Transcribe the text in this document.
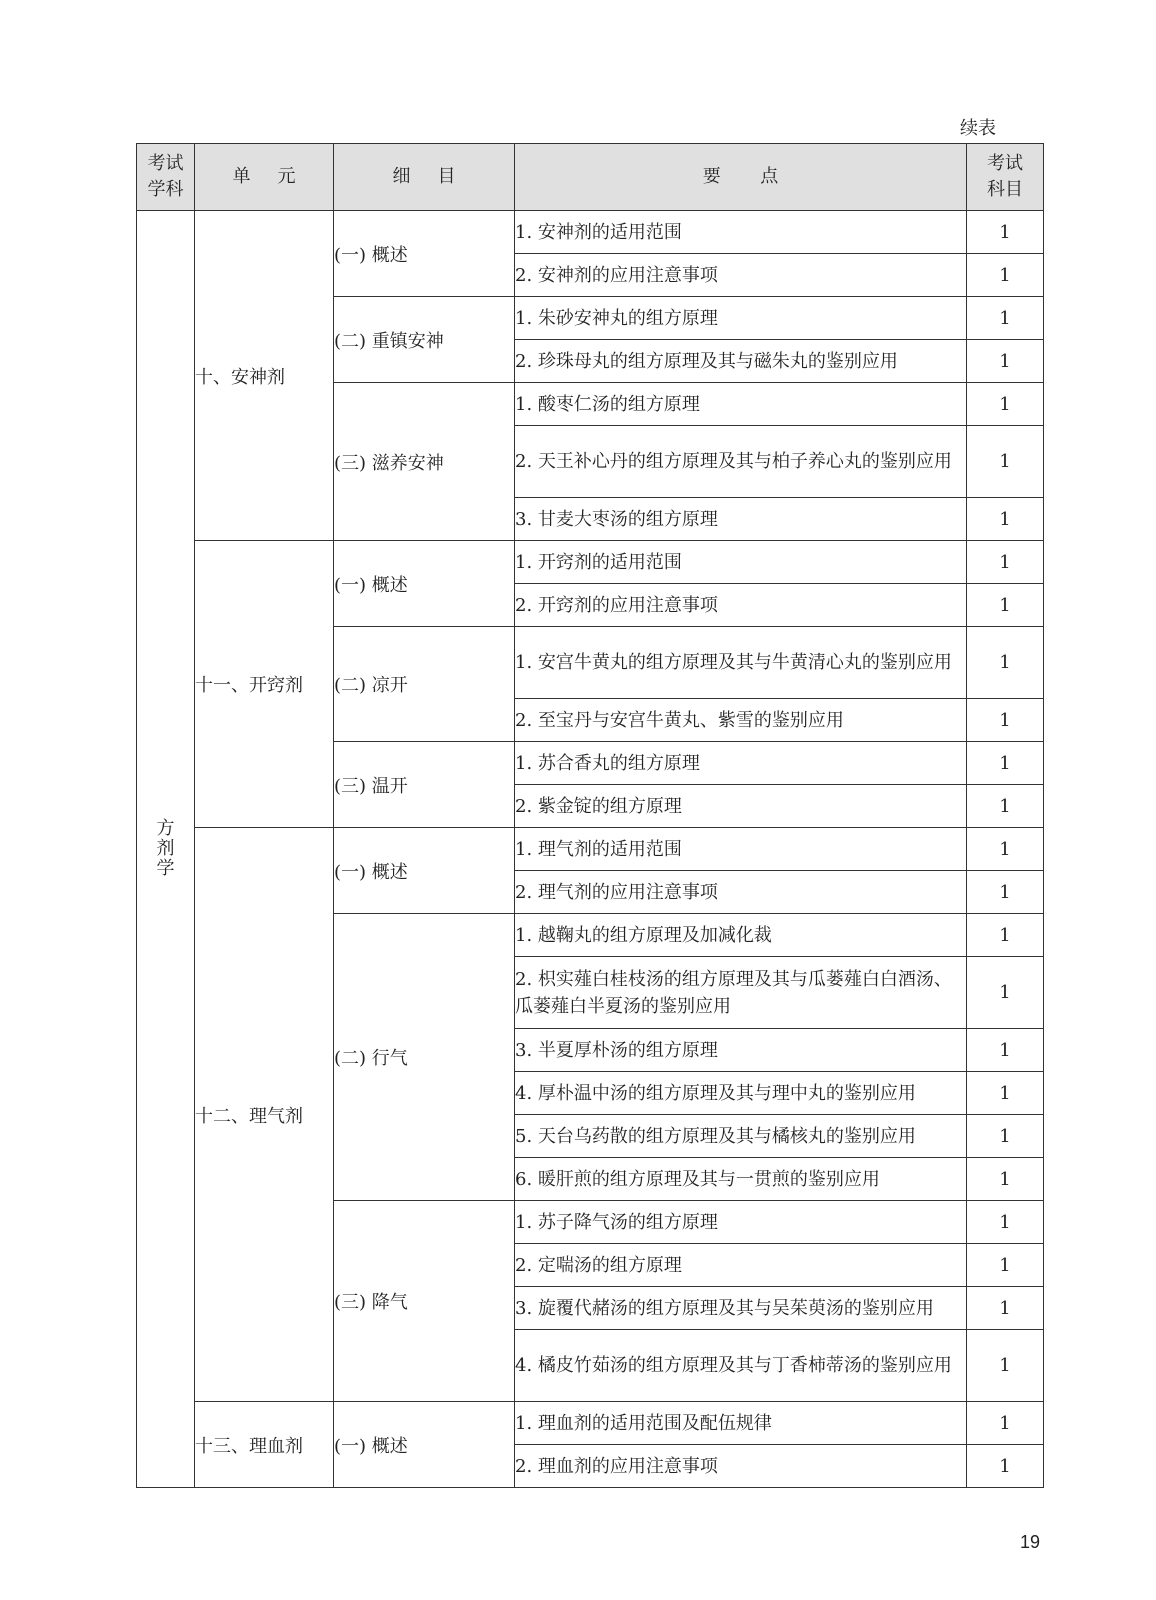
续表
考试学科	单元	细目	要点	考试科目
方剂学	十、安神剂	(一) 概述	1. 安神剂的适用范围	1
			2. 安神剂的应用注意事项	1
		(二) 重镇安神	1. 朱砂安神丸的组方原理	1
			2. 珍珠母丸的组方原理及其与磁朱丸的鉴别应用	1
		(三) 滋养安神	1. 酸枣仁汤的组方原理	1
			2. 天王补心丹的组方原理及其与柏子养心丸的鉴别应用	1
			3. 甘麦大枣汤的组方原理	1
	十一、开窍剂	(一) 概述	1. 开窍剂的适用范围	1
			2. 开窍剂的应用注意事项	1
		(二) 凉开	1. 安宫牛黄丸的组方原理及其与牛黄清心丸的鉴别应用	1
			2. 至宝丹与安宫牛黄丸、紫雪的鉴别应用	1
		(三) 温开	1. 苏合香丸的组方原理	1
			2. 紫金锭的组方原理	1
	十二、理气剂	(一) 概述	1. 理气剂的适用范围	1
			2. 理气剂的应用注意事项	1
		(二) 行气	1. 越鞠丸的组方原理及加减化裁	1
			2. 枳实薤白桂枝汤的组方原理及其与瓜蒌薤白白酒汤、瓜蒌薤白半夏汤的鉴别应用	1
			3. 半夏厚朴汤的组方原理	1
			4. 厚朴温中汤的组方原理及其与理中丸的鉴别应用	1
			5. 天台乌药散的组方原理及其与橘核丸的鉴别应用	1
			6. 暖肝煎的组方原理及其与一贯煎的鉴别应用	1
		(三) 降气	1. 苏子降气汤的组方原理	1
			2. 定喘汤的组方原理	1
			3. 旋覆代赭汤的组方原理及其与吴茱萸汤的鉴别应用	1
			4. 橘皮竹茹汤的组方原理及其与丁香柿蒂汤的鉴别应用	1
	十三、理血剂	(一) 概述	1. 理血剂的适用范围及配伍规律	1
			2. 理血剂的应用注意事项	1
19
